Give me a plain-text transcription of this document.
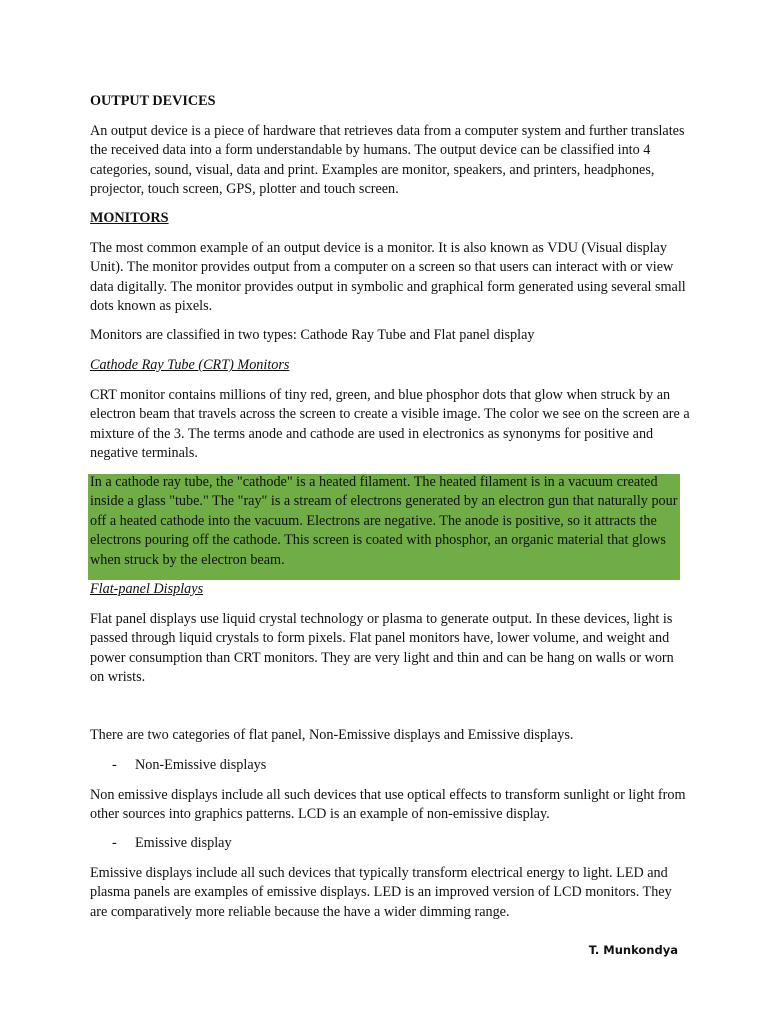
OUTPUT DEVICES
An output device is a piece of hardware that retrieves data from a computer system and further translates the received data into a form understandable by humans. The output device can be classified into 4 categories, sound, visual, data and print. Examples are monitor, speakers, and printers, headphones, projector, touch screen, GPS, plotter and touch screen.
MONITORS
The most common example of an output device is a monitor. It is also known as VDU (Visual display Unit). The monitor provides output from a computer on a screen so that users can interact with or view data digitally. The monitor provides output in symbolic and graphical form generated using several small dots known as pixels.
Monitors are classified in two types: Cathode Ray Tube and Flat panel display
Cathode Ray Tube (CRT) Monitors
CRT monitor contains millions of tiny red, green, and blue phosphor dots that glow when struck by an electron beam that travels across the screen to create a visible image. The color we see on the screen are a mixture of the 3. The terms anode and cathode are used in electronics as synonyms for positive and negative terminals.
In a cathode ray tube, the "cathode" is a heated filament. The heated filament is in a vacuum created inside a glass "tube." The "ray" is a stream of electrons generated by an electron gun that naturally pour off a heated cathode into the vacuum. Electrons are negative. The anode is positive, so it attracts the electrons pouring off the cathode. This screen is coated with phosphor, an organic material that glows when struck by the electron beam.
Flat-panel Displays
Flat panel displays use liquid crystal technology or plasma to generate output. In these devices, light is passed through liquid crystals to form pixels. Flat panel monitors have, lower volume, and weight and power consumption than CRT monitors. They are very light and thin and can be hang on walls or worn on wrists.
There are two categories of flat panel, Non-Emissive displays and Emissive displays.
- Non-Emissive displays
Non emissive displays include all such devices that use optical effects to transform sunlight or light from other sources into graphics patterns. LCD is an example of non-emissive display.
- Emissive display
Emissive displays include all such devices that typically transform electrical energy to light. LED and plasma panels are examples of emissive displays. LED is an improved version of LCD monitors. They are comparatively more reliable because the have a wider dimming range.
T. Munkondya
